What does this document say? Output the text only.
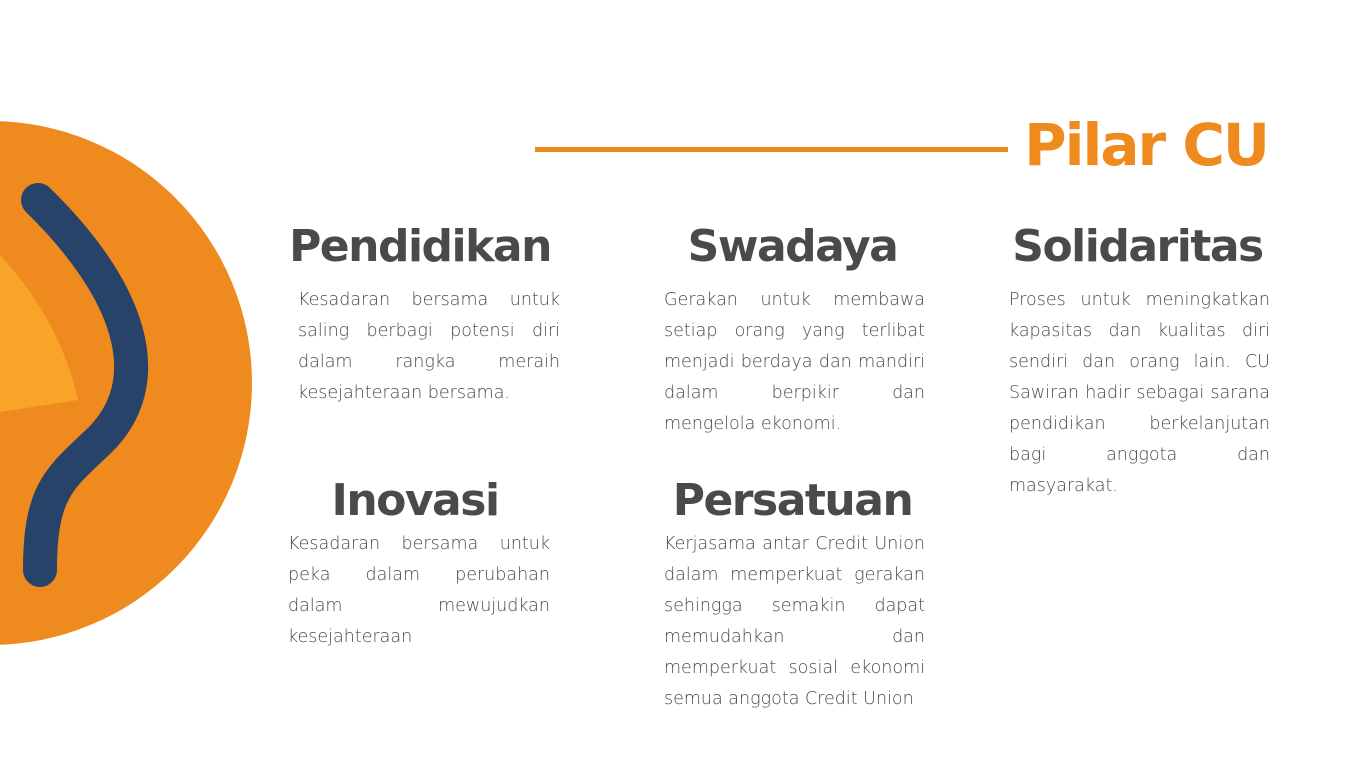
Pilar CU
Pendidikan

Kesadaran bersama untuk saling berbagi potensi diri dalam rangka meraih kesejahteraan bersama.

Swadaya

Gerakan untuk membawa setiap orang yang terlibat menjadi berdaya dan mandiri dalam berpikir dan mengelola ekonomi.

Solidaritas

Proses untuk meningkatkan kapasitas dan kualitas diri sendiri dan orang lain. CU Sawiran hadir sebagai sarana pendidikan berkelanjutan bagi anggota dan masyarakat.

Inovasi

Kesadaran bersama untuk peka dalam perubahan dalam mewujudkan kesejahteraan

Persatuan

Kerjasama antar Credit Union dalam memperkuat gerakan sehingga semakin dapat memudahkan dan memperkuat sosial ekonomi semua anggota Credit Union
